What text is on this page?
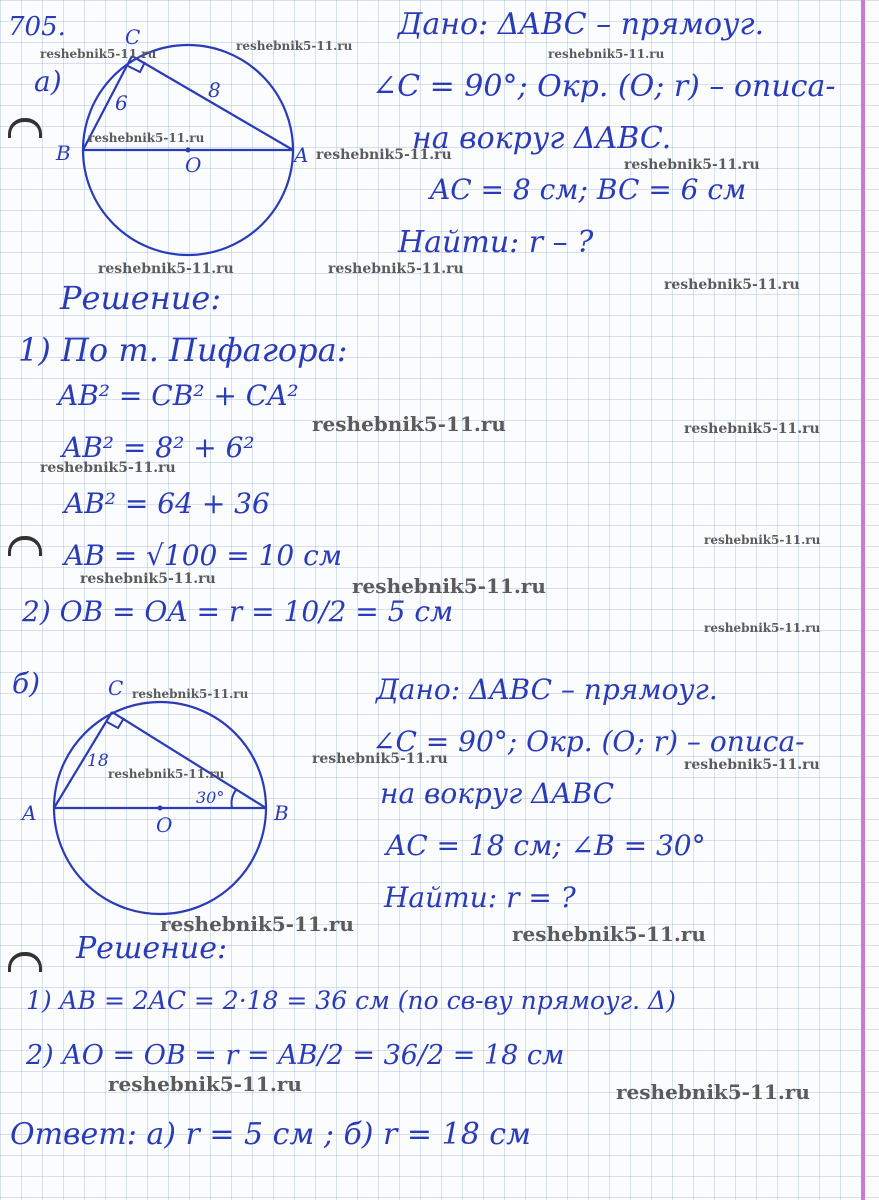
C
B	A
O
6
8
C
A	B
O
18
30°
705.
а)
б)
Дано: ΔABC – прямоуг.
∠C = 90°; Окр. (O; r) – описа-
на вокруг ΔABC.
AC = 8 см; BC = 6 см
Найти: r – ?
Решение:
1) По т. Пифагора:
AB² = CB² + CA²
AB² = 8² + 6²
AB² = 64 + 36
AB = √100 = 10 см
2) OB = OA = r = 10/2 = 5 см
Дано: ΔABC – прямоуг.
∠C = 90°; Окр. (O; r) – описа-
на вокруг ΔABC
AC = 18 см; ∠B = 30°
Найти: r = ?
Решение:
1) AB = 2AC = 2·18 = 36 см (по св-ву прямоуг. Δ)
2) AO = OB = r = AB/2 = 36/2 = 18 см
Ответ: а) r = 5 см ; б) r = 18 см
reshebnik5-11.ru
reshebnik5-11.ru
reshebnik5-11.ru
reshebnik5-11.ru
reshebnik5-11.ru
reshebnik5-11.ru
reshebnik5-11.ru	reshebnik5-11.ru
reshebnik5-11.ru
reshebnik5-11.ru	reshebnik5-11.ru
reshebnik5-11.ru
reshebnik5-11.ru
reshebnik5-11.ru	reshebnik5-11.ru
reshebnik5-11.ru
reshebnik5-11.ru
reshebnik5-11.ru	reshebnik5-11.ru
reshebnik5-11.ru
reshebnik5-11.ru	reshebnik5-11.ru
reshebnik5-11.ru	reshebnik5-11.ru
